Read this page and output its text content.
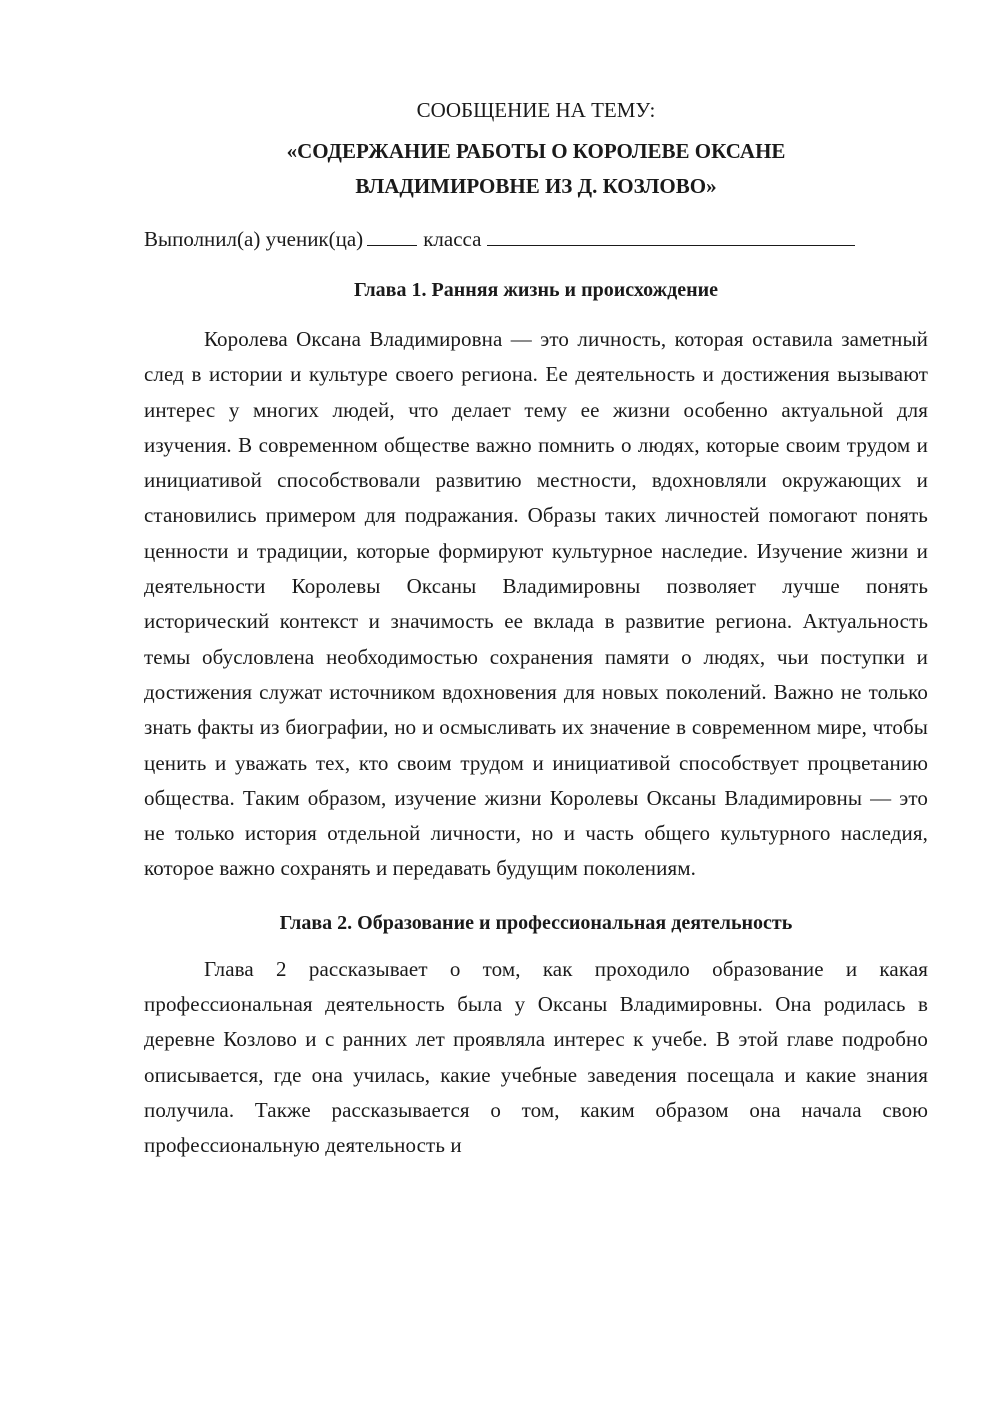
СООБЩЕНИЕ НА ТЕМУ:

«СОДЕРЖАНИЕ РАБОТЫ О КОРОЛЕВЕ ОКСАНЕ
ВЛАДИМИРОВНЕ ИЗ Д. КОЗЛОВО»

Выполнил(а) ученик(ца)	класса

Глава 1. Ранняя жизнь и происхождение

Королева Оксана Владимировна — это личность, которая оставила заметный след в истории и культуре своего региона. Ее деятельность и достижения вызывают интерес у многих людей, что делает тему ее жизни особенно актуальной для изучения. В современном обществе важно помнить о людях, которые своим трудом и инициативой способствовали развитию местности, вдохновляли окружающих и становились примером для подражания. Образы таких личностей помогают понять ценности и традиции, которые формируют культурное наследие. Изучение жизни и деятельности Королевы Оксаны Владимировны позволяет лучше понять исторический контекст и значимость ее вклада в развитие региона. Актуальность темы обусловлена необходимостью сохранения памяти о людях, чьи поступки и достижения служат источником вдохновения для новых поколений. Важно не только знать факты из биографии, но и осмысливать их значение в современном мире, чтобы ценить и уважать тех, кто своим трудом и инициативой способствует процветанию общества. Таким образом, изучение жизни Королевы Оксаны Владимировны — это не только история отдельной личности, но и часть общего культурного наследия, которое важно сохранять и передавать будущим поколениям.

Глава 2. Образование и профессиональная деятельность

Глава 2 рассказывает о том, как проходило образование и какая профессиональная деятельность была у Оксаны Владимировны. Она родилась в деревне Козлово и с ранних лет проявляла интерес к учебе. В этой главе подробно описывается, где она училась, какие учебные заведения посещала и какие знания получила. Также рассказывается о том, каким образом она начала свою профессиональную деятельность и
